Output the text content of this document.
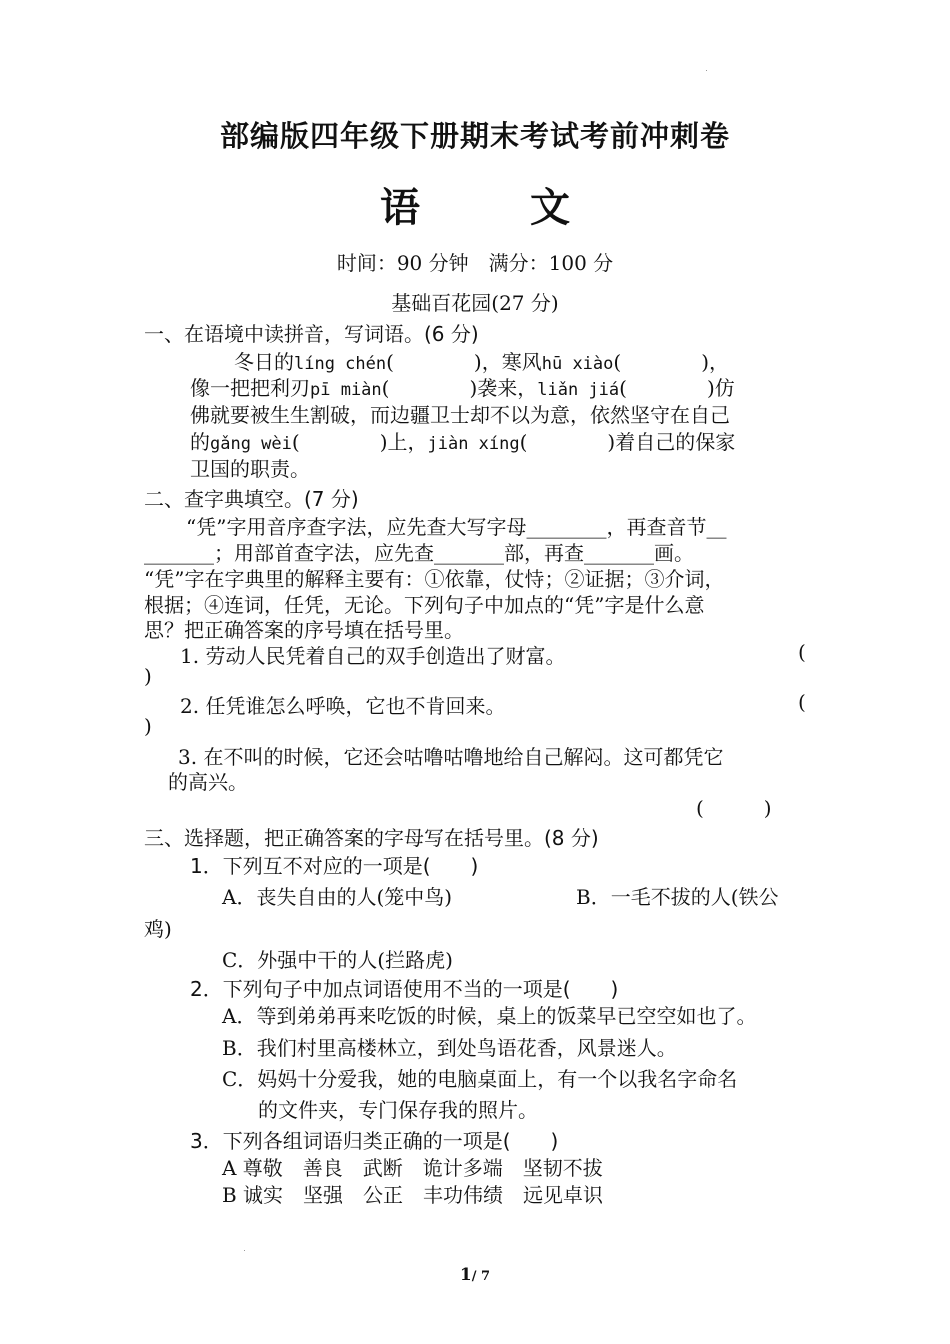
部编版四年级下册期末考试考前冲刺卷
语 文
时间：90 分钟　满分：100 分
基础百花园(27 分)
一、在语境中读拼音，写词语。(6 分)
冬日的líng chén(　　　　)，寒风hū xiào(　　　　)，
像一把把利刃pī miàn(　　　　)袭来，liǎn jiá(　　　　)仿
佛就要被生生割破，而边疆卫士却不以为意，依然坚守在自己
的gǎng wèi(　　　　)上，jiàn xíng(　　　　)着自己的保家
卫国的职责。
二、查字典填空。(7 分)
“凭”字用音序查字法，应先查大写字母________，再查音节__
_______；用部首查字法，应先查_______部，再查_______画。
“凭”字在字典里的解释主要有：①依靠，仗恃；②证据；③介词，
根据；④连词，任凭，无论。下列句子中加点的“凭”字是什么意
思？把正确答案的序号填在括号里。
1. 劳动人民凭着自己的双手创造出了财富。	(
)
2. 任凭谁怎么呼唤，它也不肯回来。	(
)
3. 在不叫的时候，它还会咕噜咕噜地给自己解闷。这可都凭它
的高兴。
(　　　)
三、选择题，把正确答案的字母写在括号里。(8 分)
1．下列互不对应的一项是(　　)
A．丧失自由的人(笼中鸟)	B．一毛不拔的人(铁公
鸡)
C．外强中干的人(拦路虎)
2．下列句子中加点词语使用不当的一项是(　　)
A．等到弟弟再来吃饭的时候，桌上的饭菜早已空空如也了。
B．我们村里高楼林立，到处鸟语花香，风景迷人。
C．妈妈十分爱我，她的电脑桌面上，有一个以我名字命名
的文件夹，专门保存我的照片。
3．下列各组词语归类正确的一项是(　　)
A 尊敬　善良　武断　诡计多端　坚韧不拔
B 诚实　坚强　公正　丰功伟绩　远见卓识
1/ 7
